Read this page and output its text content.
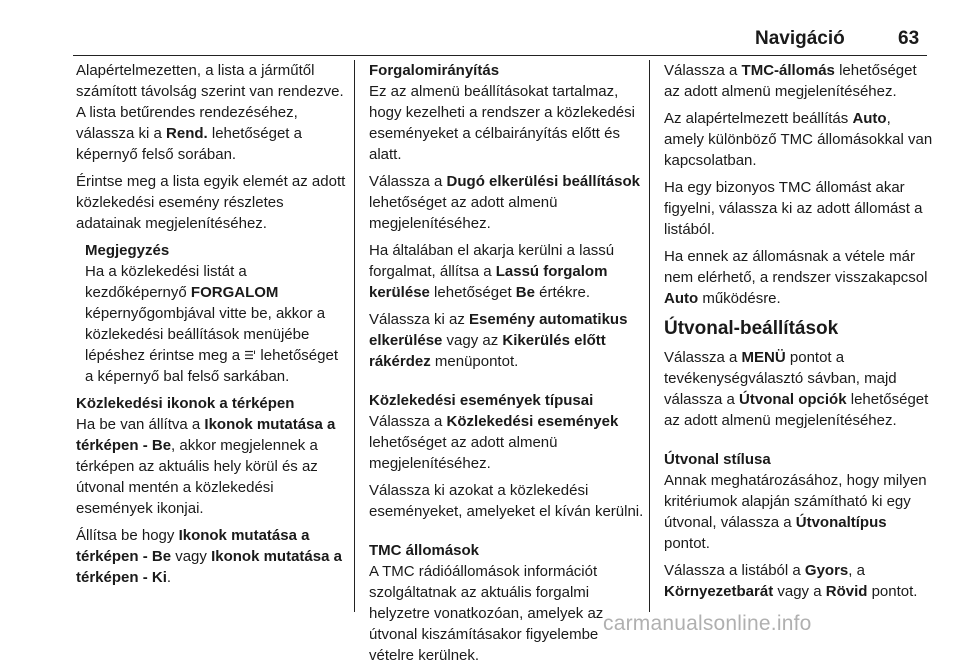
Navigáció	63

Alapértelmezetten, a lista a járműtől számított távolság szerint van rendezve. A lista betűrendes rendezéséhez, válassza ki a Rend. lehetőséget a képernyő felső sorában.

Érintse meg a lista egyik elemét az adott közlekedési esemény részletes adatainak megjelenítéséhez.

Megjegyzés

Ha a közlekedési listát a kezdőképernyő FORGALOM képernyőgombjával vitte be, akkor a közlekedési beállítások menüjébe lépéshez érintse meg a  lehetőséget a képernyő bal felső sarkában.

Közlekedési ikonok a térképen

Ha be van állítva a Ikonok mutatása a térképen - Be, akkor megjelennek a térképen az aktuális hely körül és az útvonal mentén a közlekedési események ikonjai.

Állítsa be hogy Ikonok mutatása a térképen - Be vagy Ikonok mutatása a térképen - Ki.

Forgalomirányítás

Ez az almenü beállításokat tartalmaz, hogy kezelheti a rendszer a közlekedési eseményeket a célbairányítás előtt és alatt.

Válassza a Dugó elkerülési beállítások lehetőséget az adott almenü megjelenítéséhez.

Ha általában el akarja kerülni a lassú forgalmat, állítsa a Lassú forgalom kerülése lehetőséget Be értékre.

Válassza ki az Esemény automatikus elkerülése vagy az Kikerülés előtt rákérdez menüpontot.

Közlekedési események típusai

Válassza a Közlekedési események lehetőséget az adott almenü megjelenítéséhez.

Válassza ki azokat a közlekedési eseményeket, amelyeket el kíván kerülni.

TMC állomások

A TMC rádióállomások információt szolgáltatnak az aktuális forgalmi helyzetre vonatkozóan, amelyek az útvonal kiszámításakor figyelembe vételre kerülnek.

Válassza a TMC-állomás lehetőséget az adott almenü megjelenítéséhez.

Az alapértelmezett beállítás Auto, amely különböző TMC állomásokkal van kapcsolatban.

Ha egy bizonyos TMC állomást akar figyelni, válassza ki az adott állomást a listából.

Ha ennek az állomásnak a vétele már nem elérhető, a rendszer visszakapcsol Auto működésre.

Útvonal-beállítások

Válassza a MENÜ pontot a tevékenységválasztó sávban, majd válassza a Útvonal opciók lehetőséget az adott almenü megjelenítéséhez.

Útvonal stílusa

Annak meghatározásához, hogy milyen kritériumok alapján számítható ki egy útvonal, válassza a Útvonaltípus pontot.

Válassza a listából a Gyors, a Környezetbarát vagy a Rövid pontot.

carmanualsonline.info
